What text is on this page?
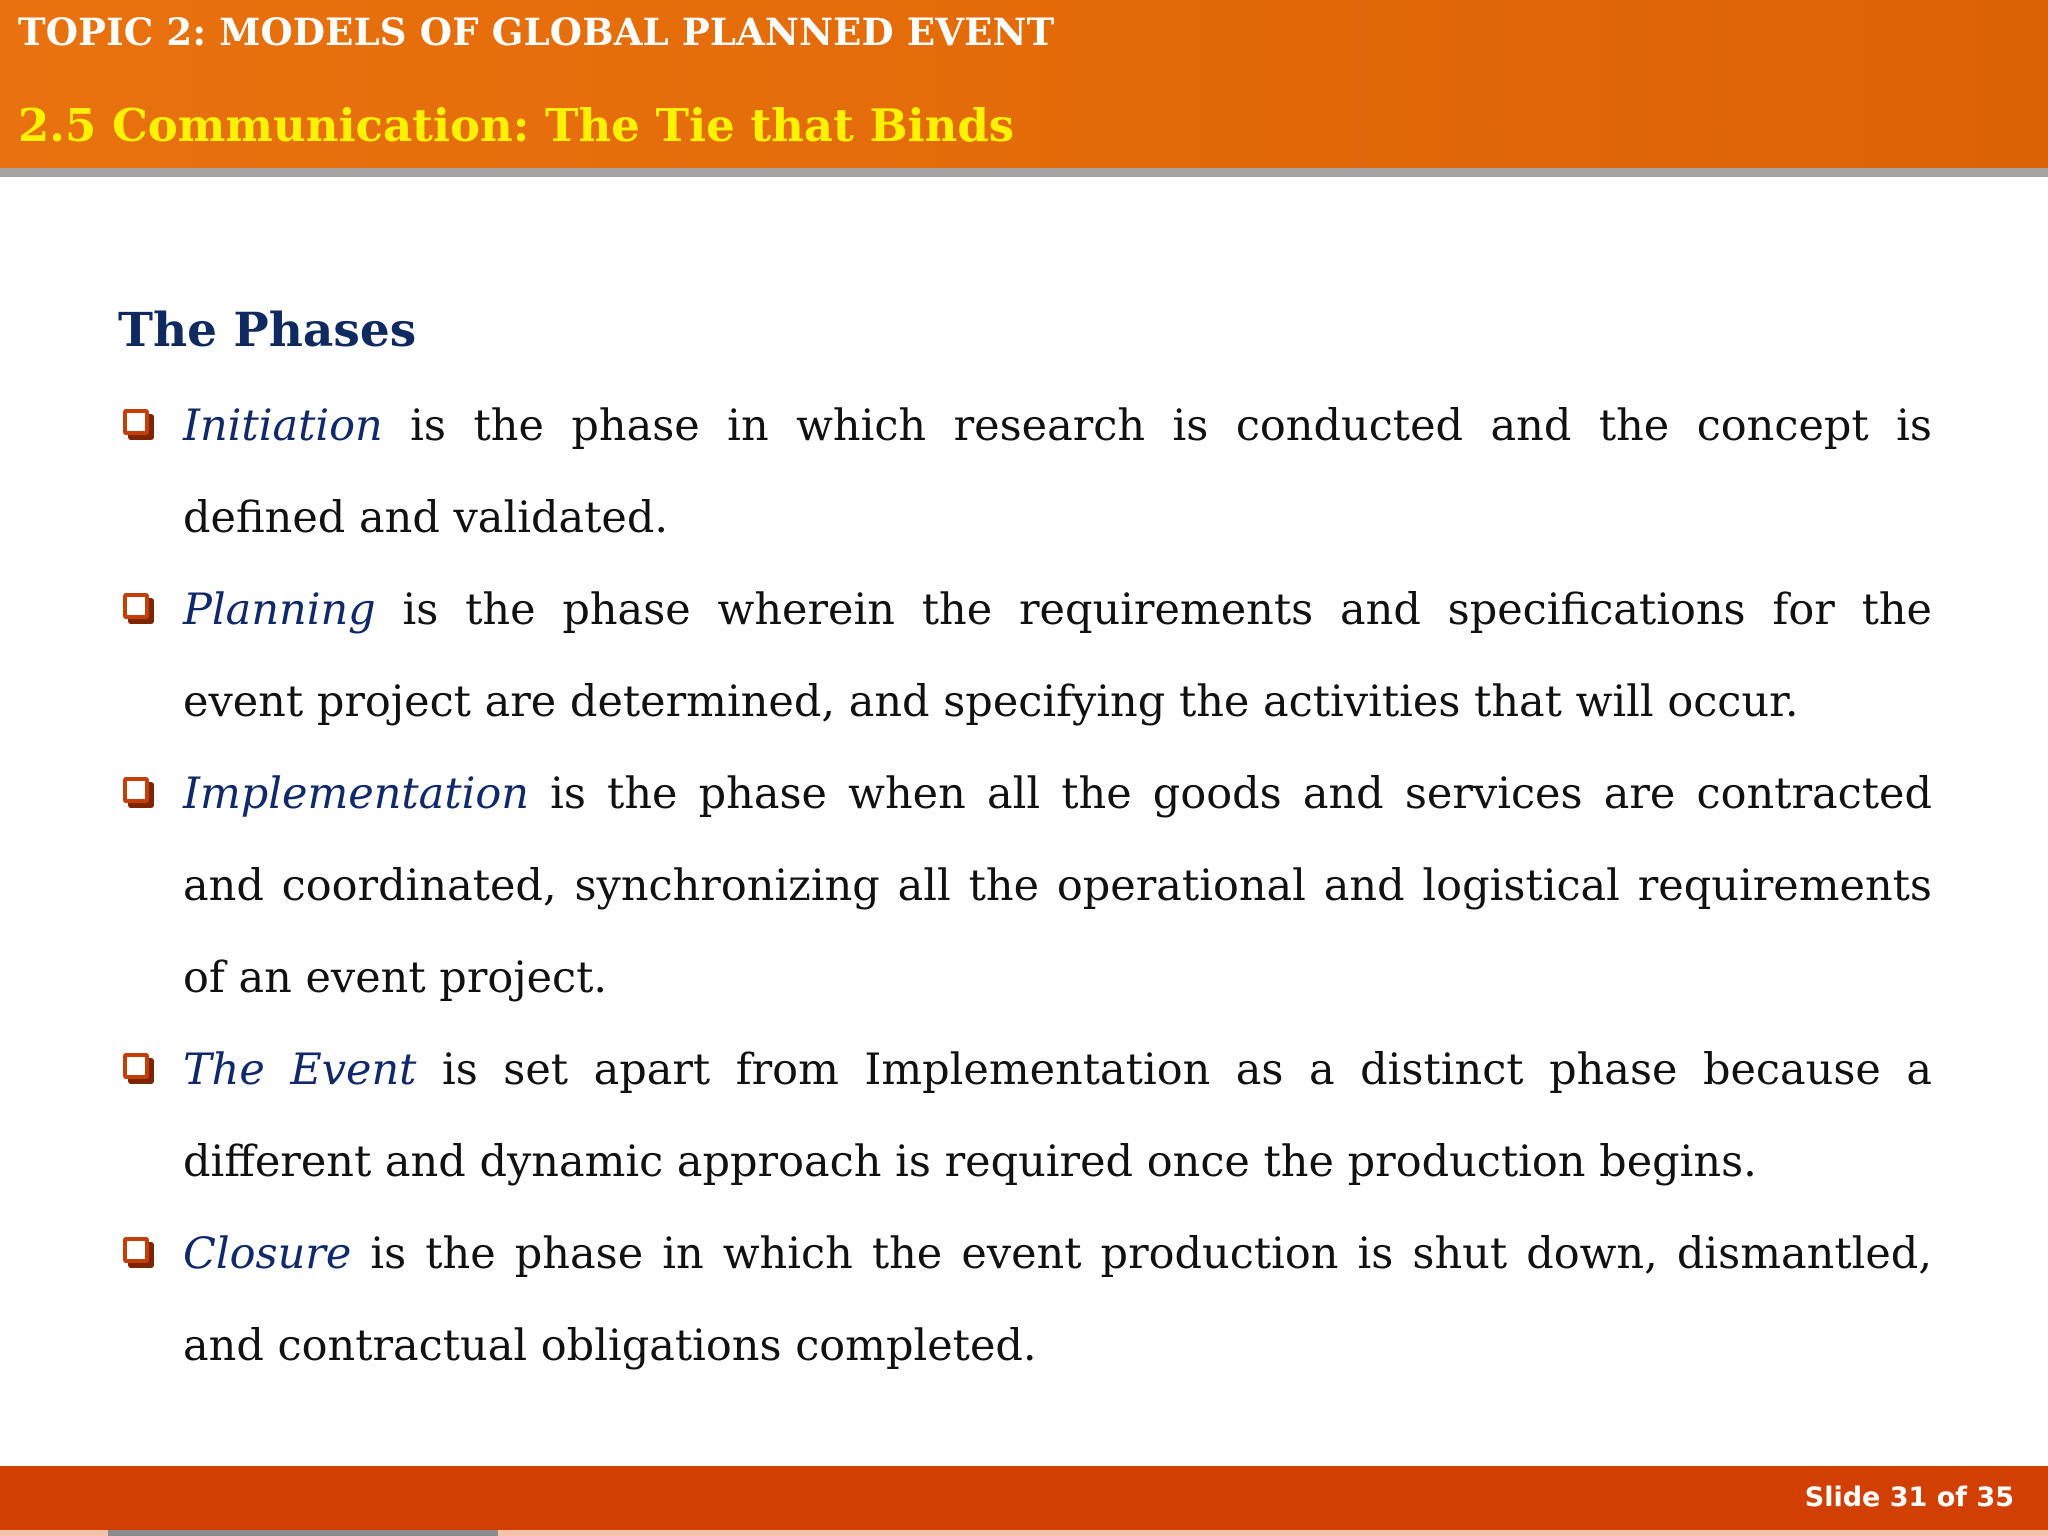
TOPIC 2: MODELS OF GLOBAL PLANNED EVENT
2.5 Communication: The Tie that Binds
The Phases
Initiation is the phase in which research is conducted and the concept is defined and validated.
Planning is the phase wherein the requirements and specifications for the event project are determined, and specifying the activities that will occur.
Implementation is the phase when all the goods and services are contracted and coordinated, synchronizing all the operational and logistical requirements of an event project.
The Event is set apart from Implementation as a distinct phase because a different and dynamic approach is required once the production begins.
Closure is the phase in which the event production is shut down, dismantled, and contractual obligations completed.
Slide 31 of 35
